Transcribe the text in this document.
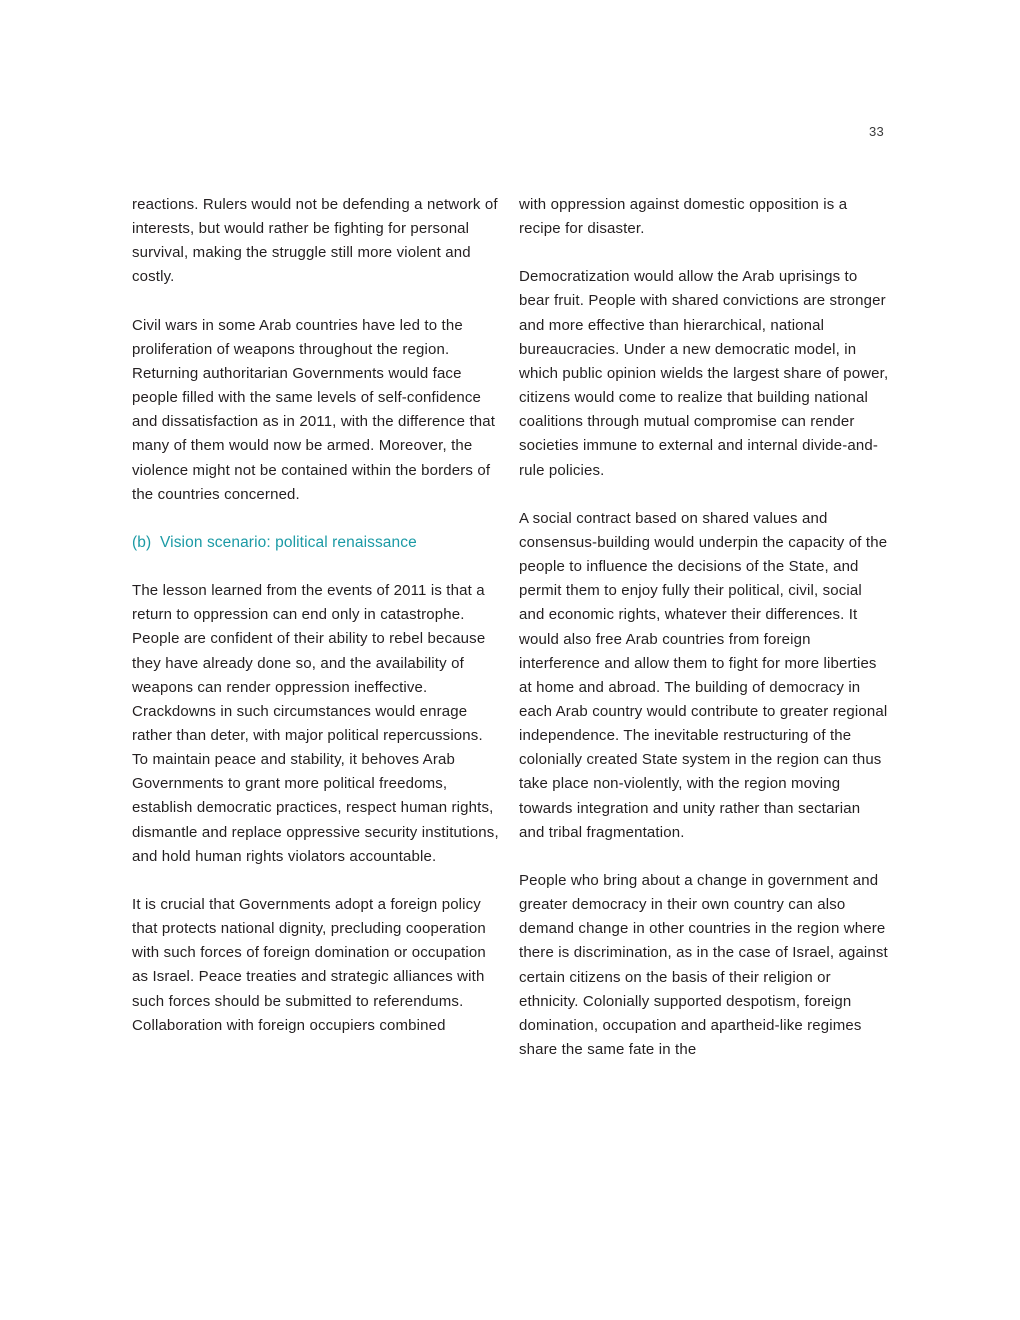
33

reactions. Rulers would not be defending a network of interests, but would rather be fighting for personal survival, making the struggle still more violent and costly.

Civil wars in some Arab countries have led to the proliferation of weapons throughout the region. Returning authoritarian Governments would face people filled with the same levels of self-confidence and dissatisfaction as in 2011, with the difference that many of them would now be armed. Moreover, the violence might not be contained within the borders of the countries concerned.

(b) Vision scenario: political renaissance

The lesson learned from the events of 2011 is that a return to oppression can end only in catastrophe. People are confident of their ability to rebel because they have already done so, and the availability of weapons can render oppression ineffective. Crackdowns in such circumstances would enrage rather than deter, with major political repercussions. To maintain peace and stability, it behoves Arab Governments to grant more political freedoms, establish democratic practices, respect human rights, dismantle and replace oppressive security institutions, and hold human rights violators accountable.

It is crucial that Governments adopt a foreign policy that protects national dignity, precluding cooperation with such forces of foreign domination or occupation as Israel. Peace treaties and strategic alliances with such forces should be submitted to referendums. Collaboration with foreign occupiers combined

with oppression against domestic opposition is a recipe for disaster.

Democratization would allow the Arab uprisings to bear fruit. People with shared convictions are stronger and more effective than hierarchical, national bureaucracies. Under a new democratic model, in which public opinion wields the largest share of power, citizens would come to realize that building national coalitions through mutual compromise can render societies immune to external and internal divide-and-rule policies.

A social contract based on shared values and consensus-building would underpin the capacity of the people to influence the decisions of the State, and permit them to enjoy fully their political, civil, social and economic rights, whatever their differences. It would also free Arab countries from foreign interference and allow them to fight for more liberties at home and abroad. The building of democracy in each Arab country would contribute to greater regional independence. The inevitable restructuring of the colonially created State system in the region can thus take place non-violently, with the region moving towards integration and unity rather than sectarian and tribal fragmentation.

People who bring about a change in government and greater democracy in their own country can also demand change in other countries in the region where there is discrimination, as in the case of Israel, against certain citizens on the basis of their religion or ethnicity. Colonially supported despotism, foreign domination, occupation and apartheid-like regimes share the same fate in the
